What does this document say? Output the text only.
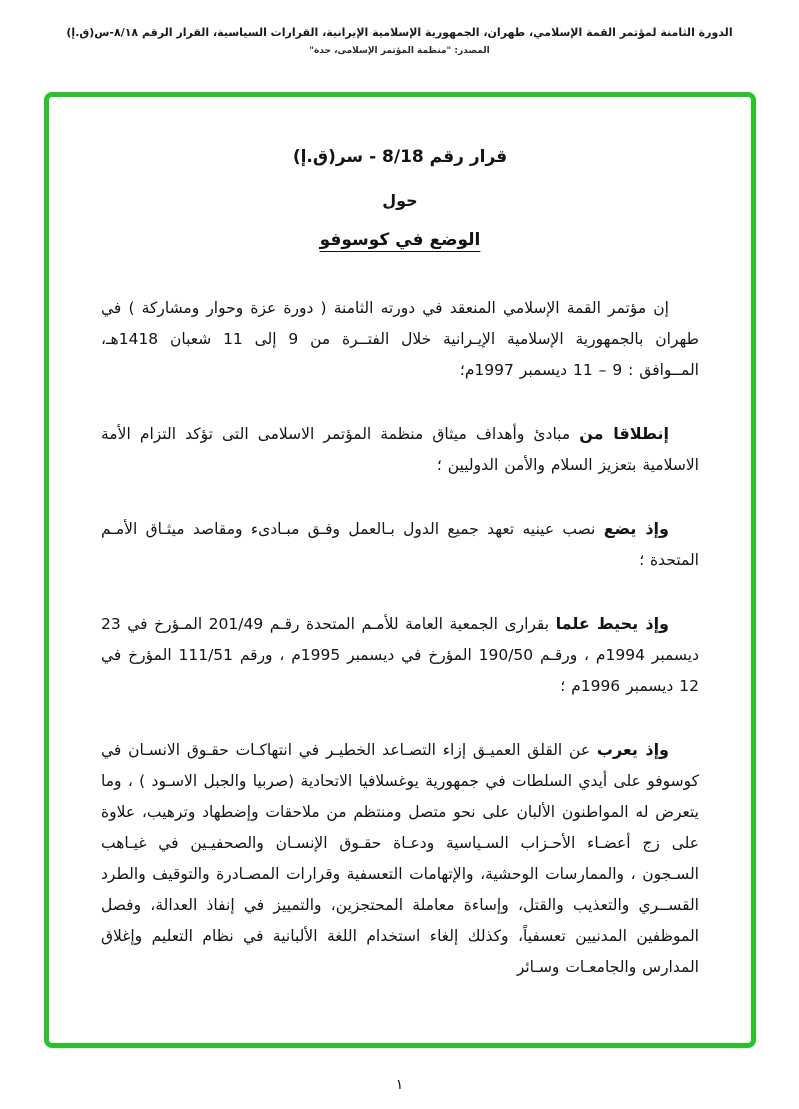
الدورة الثامنة لمؤتمر القمة الإسلامي، طهران، الجمهورية الإسلامية الإيرانية، القرارات السياسية، القرار الرقم ٨/١٨-س(ق.إ)
المصدر: "منظمة المؤتمر الإسلامى، جدة"
قرار رقم 8/18 - سر(ق.إ)
حول
الوضع في كوسوفو

إن مؤتمر القمة الإسلامي المنعقد في دورته الثامنة ( دورة عزة وحوار ومشاركة ) في طهران بالجمهورية الإسلامية الإيـرانية خلال الفتــرة من 9 إلى 11 شعبان 1418هـ، المــوافق : 9 – 11 ديسمبر 1997م؛

إنطلاقا من مبادئ وأهداف ميثاق منظمة المؤتمر الاسلامى التى تؤكد التزام الأمة الاسلامية بتعزيز السلام والأمن الدوليين ؛

وإذ يضع نصب عينيه تعهد جميع الدول بـالعمل وفـق مبـادىء ومقاصد ميثـاق الأمـم المتحدة ؛

وإذ يحيط علما بقرارى الجمعية العامة للأمـم المتحدة رقـم 201/49 المـؤرخ في 23 ديسمبر 1994م ، ورقـم 190/50 المؤرخ في ديسمبر 1995م ، ورقم 111/51 المؤرخ في 12 ديسمبر 1996م ؛

وإذ يعرب عن القلق العميـق إزاء التصـاعد الخطيـر في انتهاكـات حقـوق الانسـان في كوسوفو على أيدي السلطات في جمهورية يوغسلافيا الاتحادية (صربيا والجبل الاسـود ) ، وما يتعرض له المواطنون الألبان على نحو متصل ومنتظم من ملاحقات وإضطهاد وترهيب، علاوة على زج أعضـاء الأحـزاب السـياسية ودعـاة حقـوق الإنسـان والصحفيـين في غيـاهب السـجون ، والممارسات الوحشية، والإتهامات التعسفية وقرارات المصـادرة والتوقيف والطرد القســري والتعذيب والقتل، وإساءة معاملة المحتجزين، والتمييز في إنفاذ العدالة، وفصل الموظفين المدنيين تعسفياً، وكذلك إلغاء استخدام اللغة الألبانية في نظام التعليم وإغلاق المدارس والجامعـات وسـائر

١
